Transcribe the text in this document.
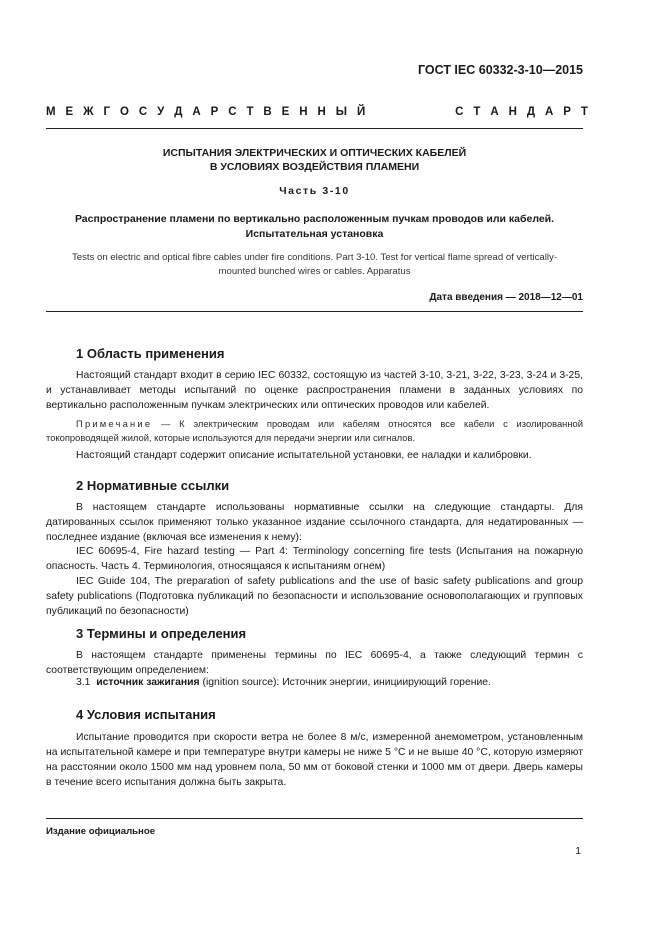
ГОСТ IEC 60332-3-10—2015
М Е Ж Г О С У Д А Р С Т В Е Н Н Ы Й	С Т А Н Д А Р Т
ИСПЫТАНИЯ ЭЛЕКТРИЧЕСКИХ И ОПТИЧЕСКИХ КАБЕЛЕЙ
В УСЛОВИЯХ ВОЗДЕЙСТВИЯ ПЛАМЕНИ
Часть 3-10
Распространение пламени по вертикально расположенным пучкам проводов или кабелей.
Испытательная установка
Tests on electric and optical fibre cables under fire conditions. Part 3-10. Test for vertical flame spread of vertically-
mounted bunched wires or cables. Apparatus
Дата введения — 2018—12—01
1 Область применения
Настоящий стандарт входит в серию IEC 60332, состоящую из частей 3-10, 3-21, 3-22, 3-23, 3-24 и 3-25, и устанавливает методы испытаний по оценке распространения пламени в заданных условиях по вертикально расположенным пучкам электрических или оптических проводов или кабелей.
Примечание — К электрическим проводам или кабелям относятся все кабели с изолированной токопроводящей жилой, которые используются для передачи энергии или сигналов.
Настоящий стандарт содержит описание испытательной установки, ее наладки и калибровки.
2 Нормативные ссылки
В настоящем стандарте использованы нормативные ссылки на следующие стандарты. Для датированных ссылок применяют только указанное издание ссылочного стандарта, для недатированных — последнее издание (включая все изменения к нему):
IEC 60695-4, Fire hazard testing — Part 4: Terminology concerning fire tests (Испытания на пожарную опасность. Часть 4. Терминология, относящаяся к испытаниям огнем)
IEC Guide 104, The preparation of safety publications and the use of basic safety publications and group safety publications (Подготовка публикаций по безопасности и использование основополагающих и групповых публикаций по безопасности)
3 Термины и определения
В настоящем стандарте применены термины по IEC 60695-4, а также следующий термин с соответствующим определением:
3.1 источник зажигания (ignition source): Источник энергии, инициирующий горение.
4 Условия испытания
Испытание проводится при скорости ветра не более 8 м/с, измеренной анемометром, установленным на испытательной камере и при температуре внутри камеры не ниже 5 °C и не выше 40 °C, которую измеряют на расстоянии около 1500 мм над уровнем пола, 50 мм от боковой стенки и 1000 мм от двери. Дверь камеры в течение всего испытания должна быть закрыта.
Издание официальное
1
